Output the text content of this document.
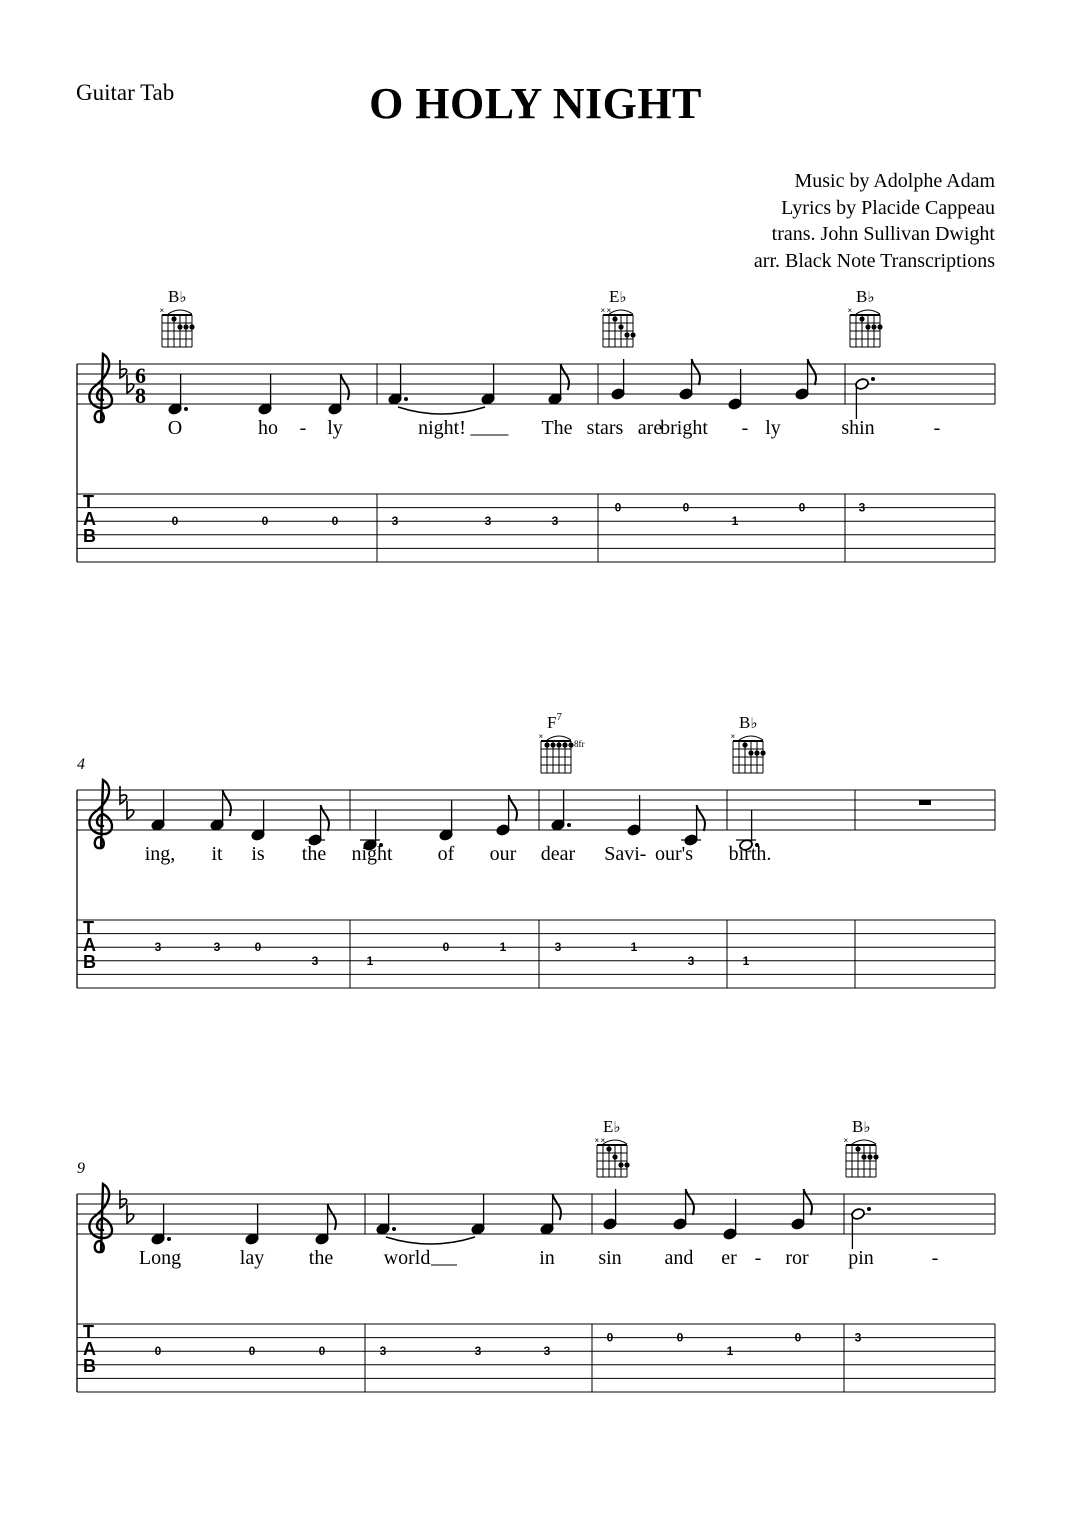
Guitar Tab	O HOLY NIGHT
Music by Adolphe Adam
Lyrics by Placide Cappeau
trans. John Sullivan Dwight
arr. Black Note Transcriptions
6
8
T
A
B
B♭
×
0	0	0
O	ho - ly
3	3	3
night!	The
E♭
× ×
0	0
1
0
stars are
bright - ly
B♭
×
3
shin	-
4
T
A
B
3	3	0
3
ing, it is the
1
0	1
night of our
$F^7$
×
8fr
3	1
3
dear Savi - our's
B♭
×
1
birth.
9
T
A
B
0	0	0
Long	lay the
3	3	3
world	in
E♭
× ×
0	0
1
0
sin and er - ror
B♭
×
3
pin	-
